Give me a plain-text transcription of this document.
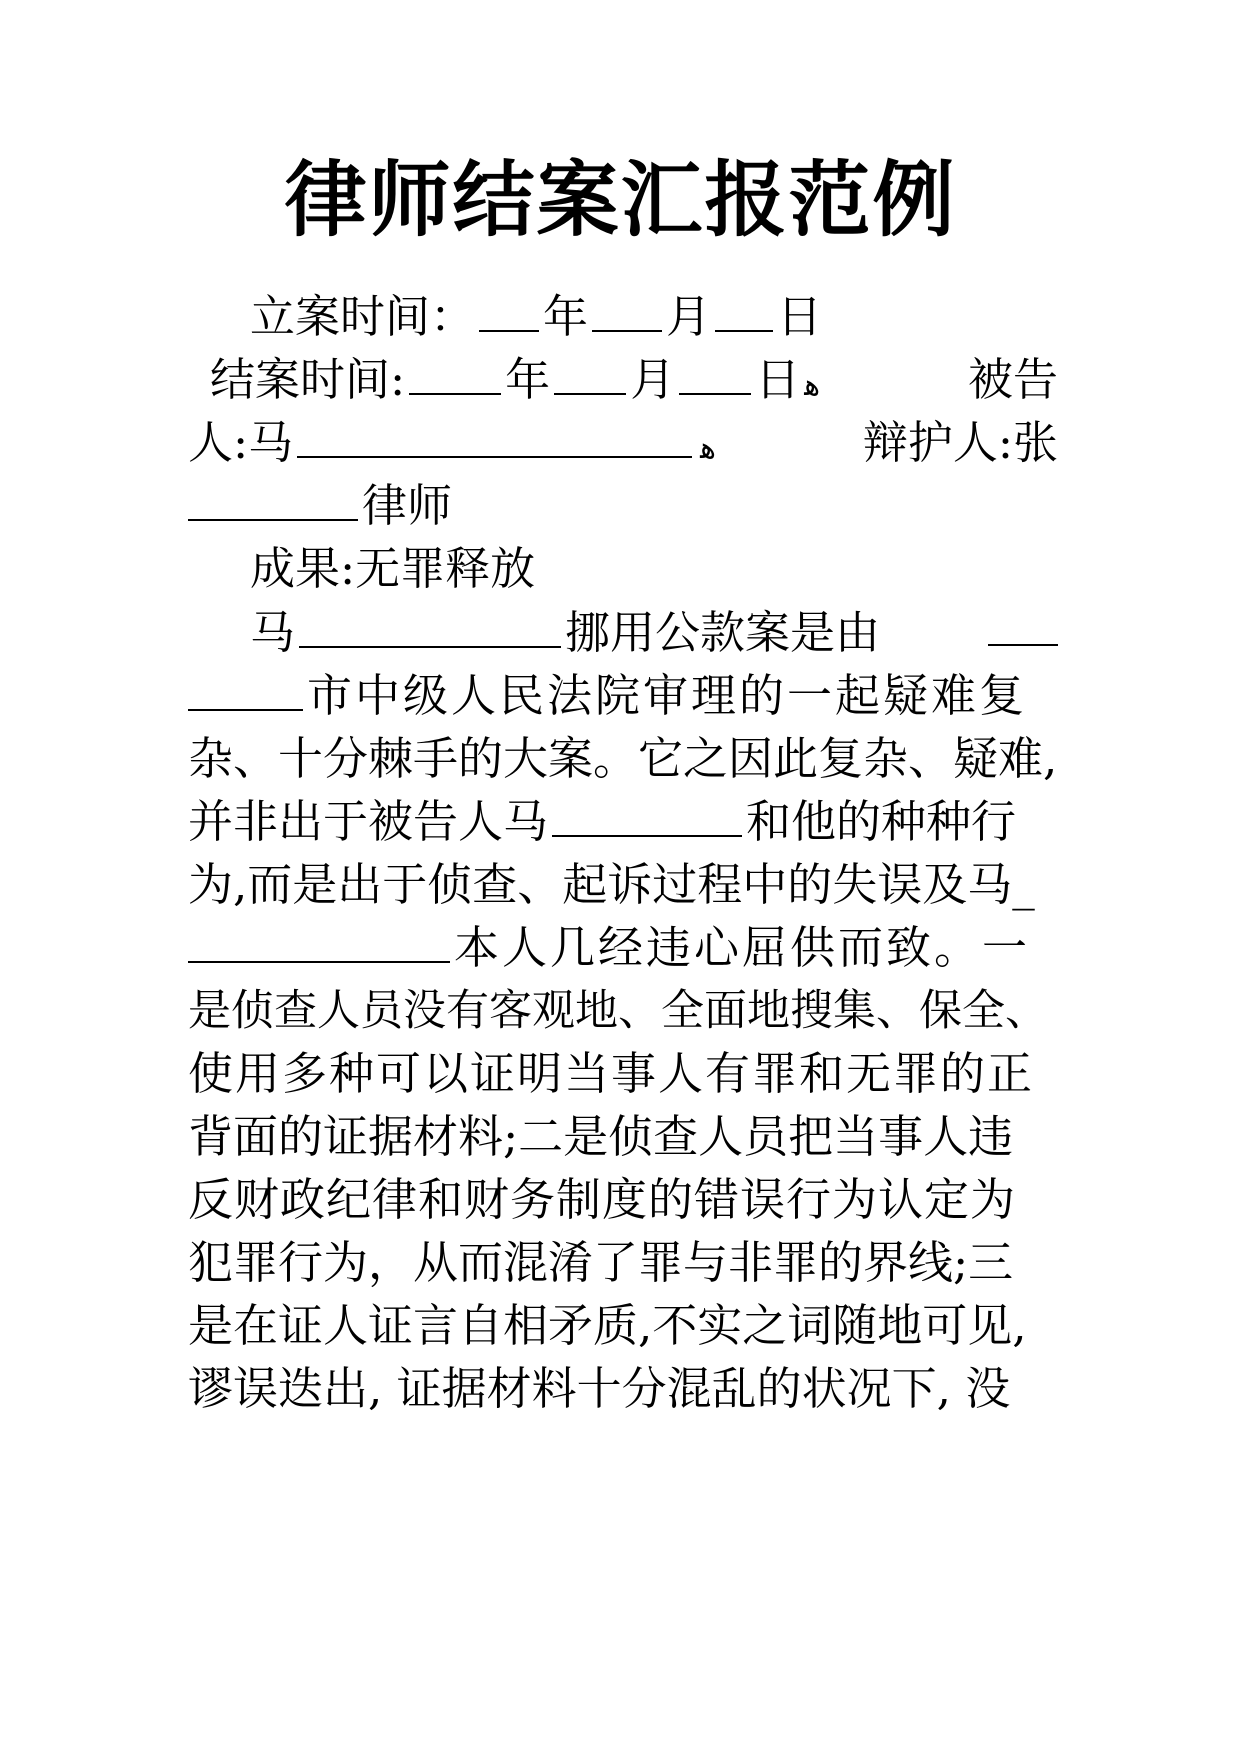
律师结案汇报范例
立案时间： 年 月 日
结案时间: 年 月 日 ﻫ	被告
人:马	ﻫ	辩护人:张
律师
成果:无罪释放
马	挪用公款案是由
市中级人民法院审理的一起疑难复
杂、十分棘手的大案。它之因此复杂、疑难,
并非出于被告人马	和他的种种行
为,而是出于侦查、起诉过程中的失误及马_
本人几经违心屈供而致。一
是侦查人员没有客观地、全面地搜集、保全、
使用多种可以证明当事人有罪和无罪的正
背面的证据材料;二是侦查人员把当事人违
反财政纪律和财务制度的错误行为认定为
犯罪行为，从而混淆了罪与非罪的界线;三
是在证人证言自相矛质,不实之词随地可见,
谬误迭出, 证据材料十分混乱的状况下, 没
